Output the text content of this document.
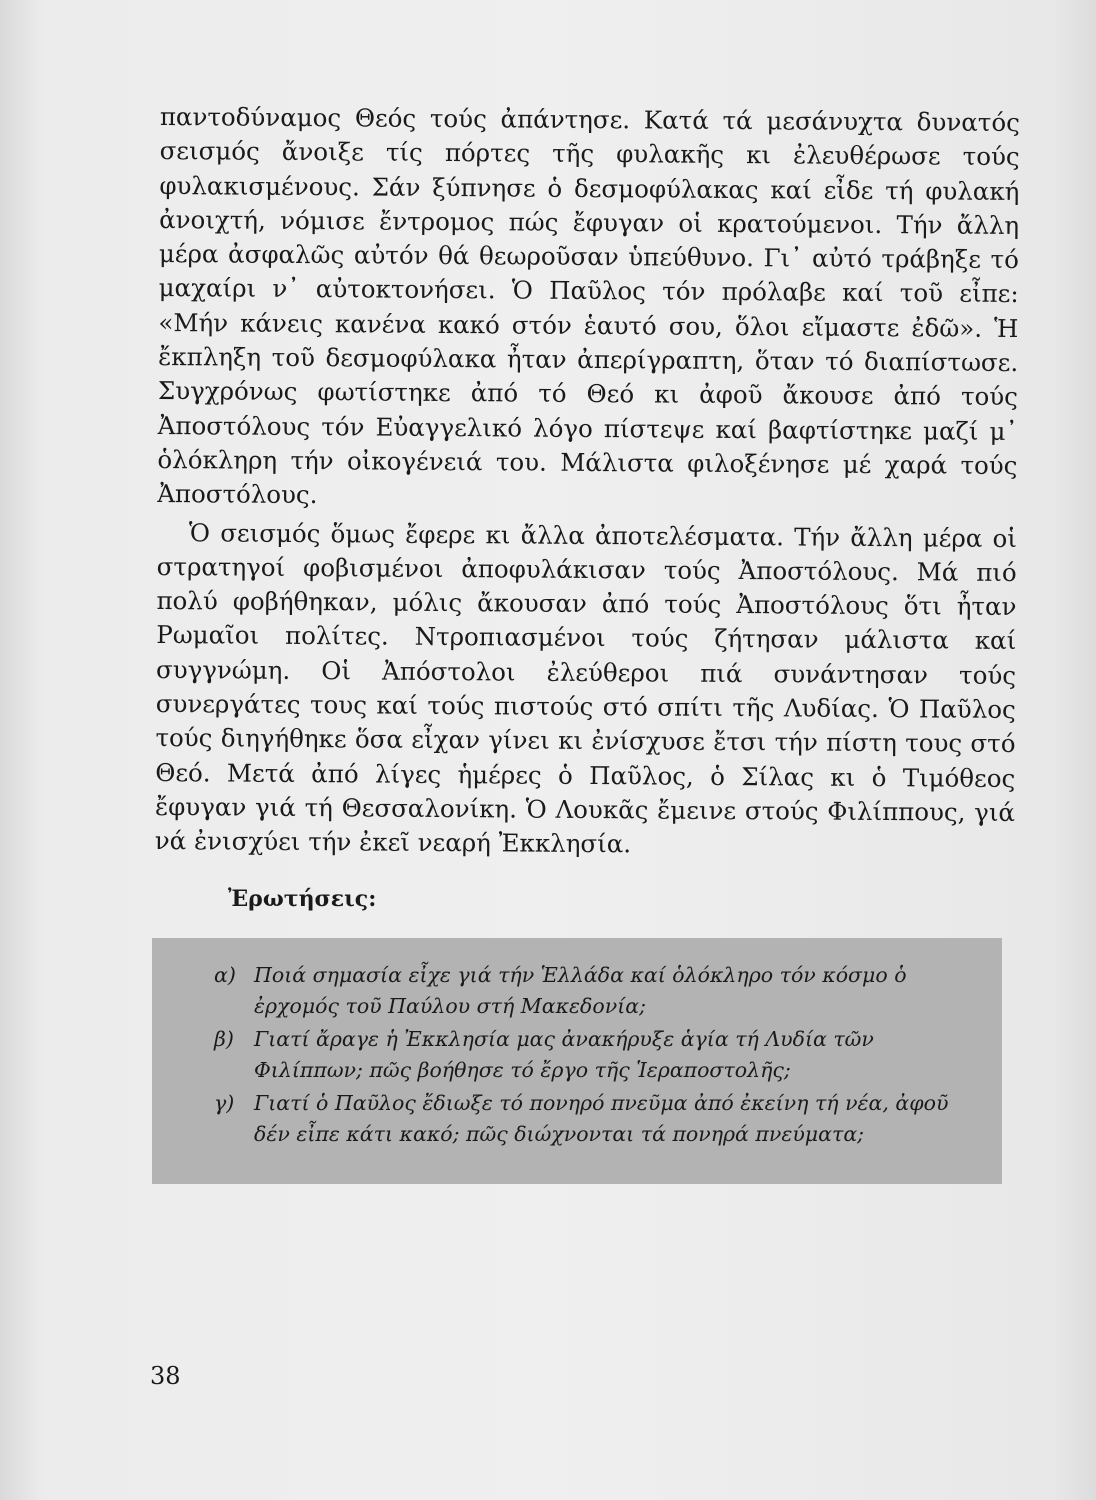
παντοδύναμος Θεός τούς ἀπάντησε. Κατά τά μεσάνυχτα δυνατός σεισμός ἄνοιξε τίς πόρτες τῆς φυλακῆς κι ἐλευθέρωσε τούς φυλακισμένους. Σάν ξύπνησε ὁ δεσμοφύλακας καί εἶδε τή φυλακή ἀνοιχτή, νόμισε ἔντρομος πώς ἔφυγαν οἱ κρατούμενοι. Τήν ἄλλη μέρα ἀσφαλῶς αὐτόν θά θεωροῦσαν ὑπεύθυνο. Γι᾿ αὐτό τράβηξε τό μαχαίρι ν᾿ αὐτοκτονήσει. Ὁ Παῦλος τόν πρόλαβε καί τοῦ εἶπε: «Μήν κάνεις κανένα κακό στόν ἑαυτό σου, ὅλοι εἴμαστε ἐδῶ». Ἡ ἔκπληξη τοῦ δεσμοφύλακα ἦταν ἀπερίγραπτη, ὅταν τό διαπίστωσε. Συγχρόνως φωτίστηκε ἀπό τό Θεό κι ἀφοῦ ἄκουσε ἀπό τούς Ἀποστόλους τόν Εὐαγγελικό λόγο πίστεψε καί βαφτίστηκε μαζί μ᾿ ὁλόκληρη τήν οἰκογένειά του. Μάλιστα φιλοξένησε μέ χαρά τούς Ἀποστόλους.

Ὁ σεισμός ὅμως ἔφερε κι ἄλλα ἀποτελέσματα. Τήν ἄλλη μέρα οἱ στρατηγοί φοβισμένοι ἀποφυλάκισαν τούς Ἀποστόλους. Μά πιό πολύ φοβήθηκαν, μόλις ἄκουσαν ἀπό τούς Ἀποστόλους ὅτι ἦταν Ρωμαῖοι πολίτες. Ντροπιασμένοι τούς ζήτησαν μάλιστα καί συγγνώμη. Οἱ Ἀπόστολοι ἐλεύθεροι πιά συνάντησαν τούς συνεργάτες τους καί τούς πιστούς στό σπίτι τῆς Λυδίας. Ὁ Παῦλος τούς διηγήθηκε ὅσα εἶχαν γίνει κι ἐνίσχυσε ἔτσι τήν πίστη τους στό Θεό. Μετά ἀπό λίγες ἡμέρες ὁ Παῦλος, ὁ Σίλας κι ὁ Τιμόθεος ἔφυγαν γιά τή Θεσσαλονίκη. Ὁ Λουκᾶς ἔμεινε στούς Φιλίππους, γιά νά ἐνισχύει τήν ἐκεῖ νεαρή Ἐκκλησία.

Ἐρωτήσεις:
α) Ποιά σημασία εἶχε γιά τήν Ἑλλάδα καί ὁλόκληρο τόν κόσμο ὁ ἐρχομός τοῦ Παύλου στή Μακεδονία;
β) Γιατί ἄραγε ἡ Ἐκκλησία μας ἀνακήρυξε ἁγία τή Λυδία τῶν Φιλίππων; πῶς βοήθησε τό ἔργο τῆς Ἱεραποστολῆς;
γ) Γιατί ὁ Παῦλος ἔδιωξε τό πονηρό πνεῦμα ἀπό ἐκείνη τή νέα, ἀφοῦ δέν εἶπε κάτι κακό; πῶς διώχνονται τά πονηρά πνεύματα;
38
